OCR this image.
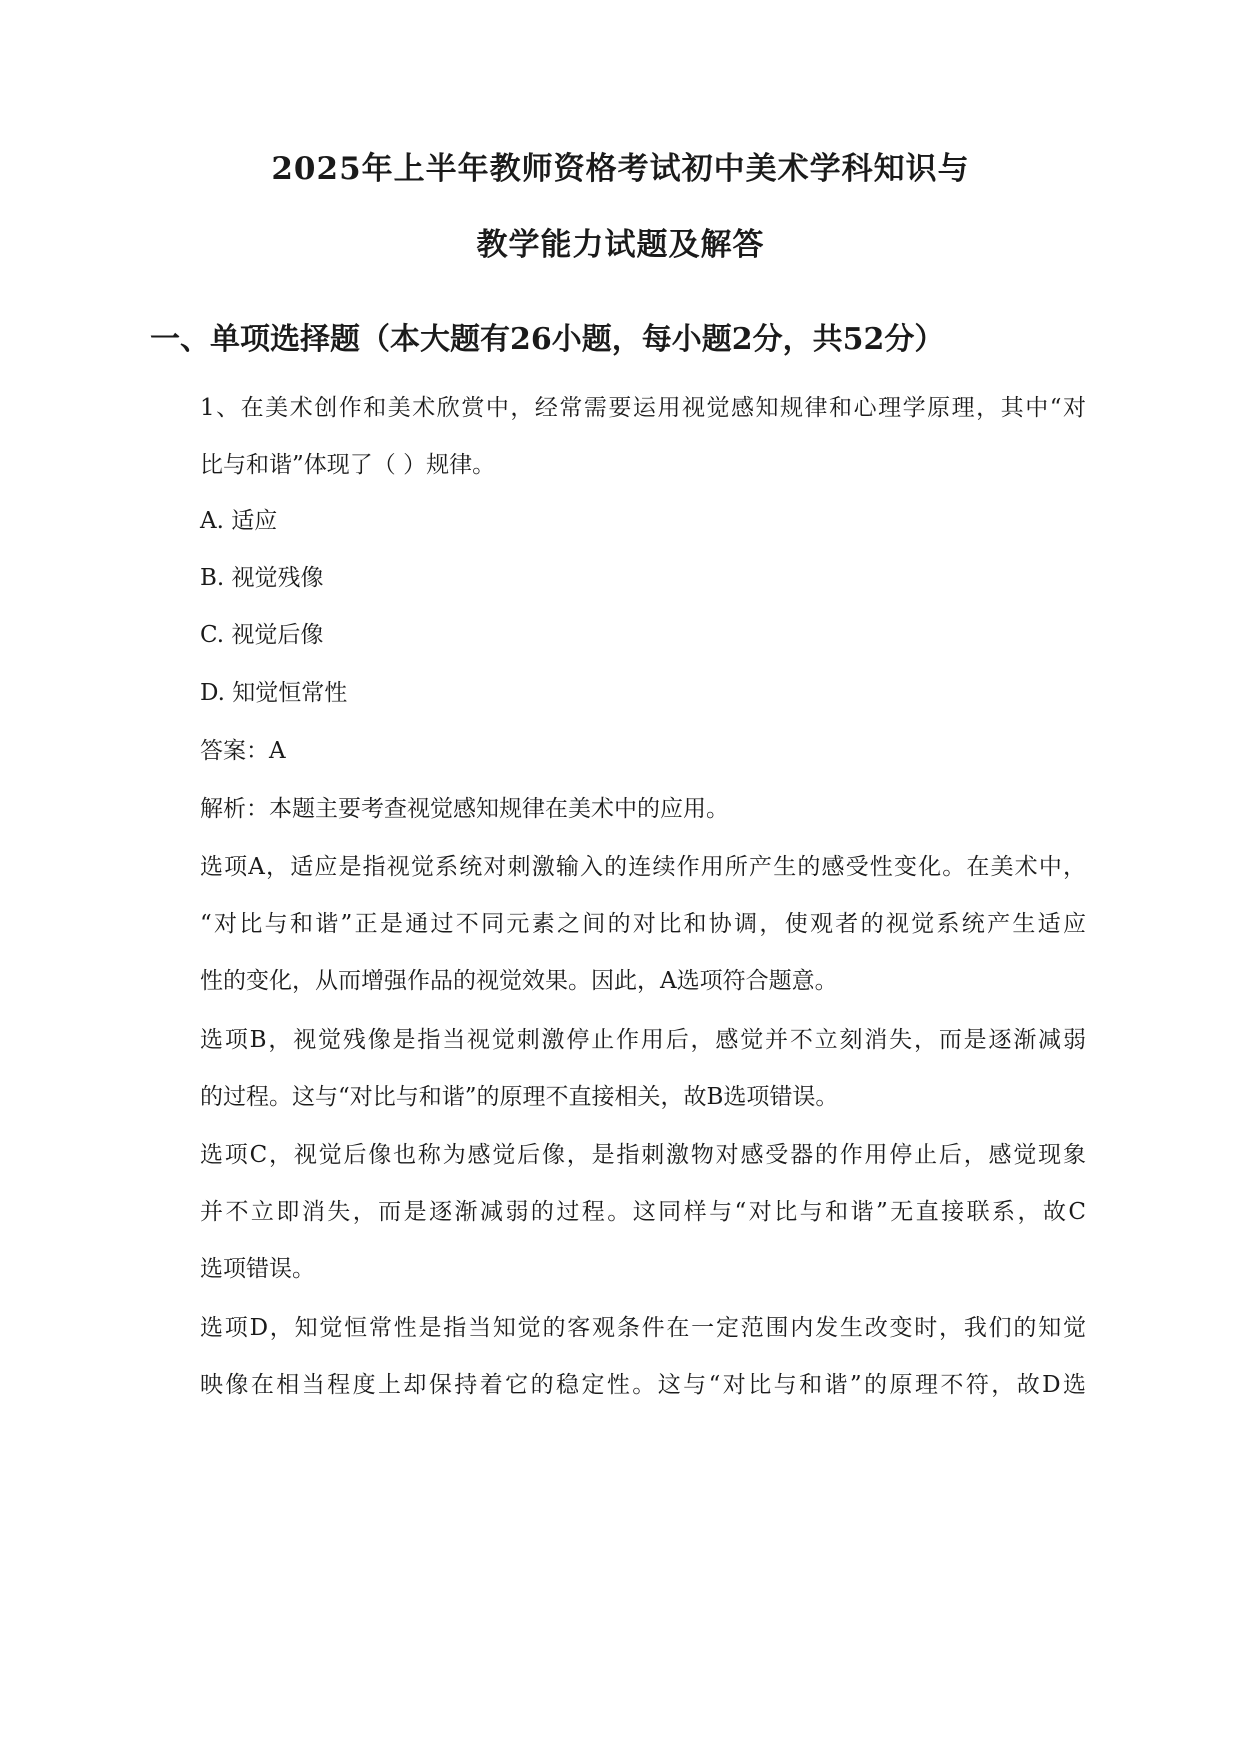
2025年上半年教师资格考试初中美术学科知识与
教学能力试题及解答
一、单项选择题（本大题有26小题，每小题2分，共52分）
1、在美术创作和美术欣赏中，经常需要运用视觉感知规律和心理学原理，其中“对
比与和谐”体现了（ ）规律。
A. 适应
B. 视觉残像
C. 视觉后像
D. 知觉恒常性
答案：A
解析：本题主要考查视觉感知规律在美术中的应用。
选项A，适应是指视觉系统对刺激输入的连续作用所产生的感受性变化。在美术中，
“对比与和谐”正是通过不同元素之间的对比和协调，使观者的视觉系统产生适应
性的变化，从而增强作品的视觉效果。因此，A选项符合题意。
选项B，视觉残像是指当视觉刺激停止作用后，感觉并不立刻消失，而是逐渐减弱
的过程。这与“对比与和谐”的原理不直接相关，故B选项错误。
选项C，视觉后像也称为感觉后像，是指刺激物对感受器的作用停止后，感觉现象
并不立即消失，而是逐渐减弱的过程。这同样与“对比与和谐”无直接联系，故C
选项错误。
选项D，知觉恒常性是指当知觉的客观条件在一定范围内发生改变时，我们的知觉
映像在相当程度上却保持着它的稳定性。这与“对比与和谐”的原理不符，故D选
